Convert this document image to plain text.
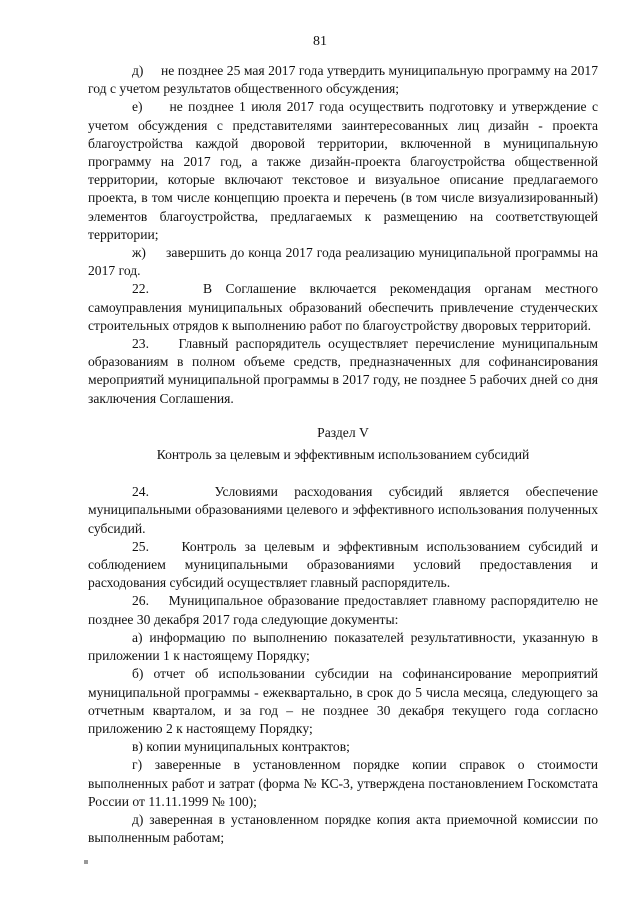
81

д)     не позднее 25 мая 2017 года утвердить муниципальную программу на 2017 год с учетом результатов общественного обсуждения;

е)     не позднее 1 июля 2017 года осуществить подготовку и утверждение с учетом обсуждения с представителями заинтересованных лиц дизайн - проекта благоустройства каждой дворовой территории, включенной в муниципальную программу на 2017 год, а также дизайн-проекта благоустройства общественной территории, которые включают текстовое и визуальное описание предлагаемого проекта, в том числе концепцию проекта и перечень (в том числе визуализированный) элементов благоустройства, предлагаемых к размещению на соответствующей территории;

ж)     завершить до конца 2017 года реализацию муниципальной программы на 2017 год.

22.    В Соглашение включается рекомендация органам местного самоуправления муниципальных образований обеспечить привлечение студенческих строительных отрядов к выполнению работ по благоустройству дворовых территорий.

23.    Главный распорядитель осуществляет перечисление муниципальным образованиям в полном объеме средств, предназначенных для софинансирования мероприятий муниципальной программы в 2017 году, не позднее 5 рабочих дней со дня заключения Соглашения.

Раздел V

Контроль за целевым и эффективным использованием субсидий

24.    Условиями расходования субсидий является обеспечение муниципальными образованиями целевого и эффективного использования полученных субсидий.

25.    Контроль за целевым и эффективным использованием субсидий и соблюдением муниципальными образованиями условий предоставления и расходования субсидий осуществляет главный распорядитель.

26.    Муниципальное образование предоставляет главному распорядителю не позднее 30 декабря 2017 года следующие документы:

а) информацию по выполнению показателей результативности, указанную в приложении 1 к настоящему Порядку;

б) отчет об использовании субсидии на софинансирование мероприятий муниципальной программы - ежеквартально, в срок до 5 числа месяца, следующего за отчетным кварталом, и за год – не позднее 30 декабря текущего года согласно приложению 2 к настоящему Порядку;

в) копии муниципальных контрактов;

г) заверенные в установленном порядке копии справок о стоимости выполненных работ и затрат (форма № КС-3, утверждена постановлением Госкомстата России от 11.11.1999 № 100);

д) заверенная в установленном порядке копия акта приемочной комиссии по выполненным работам;
